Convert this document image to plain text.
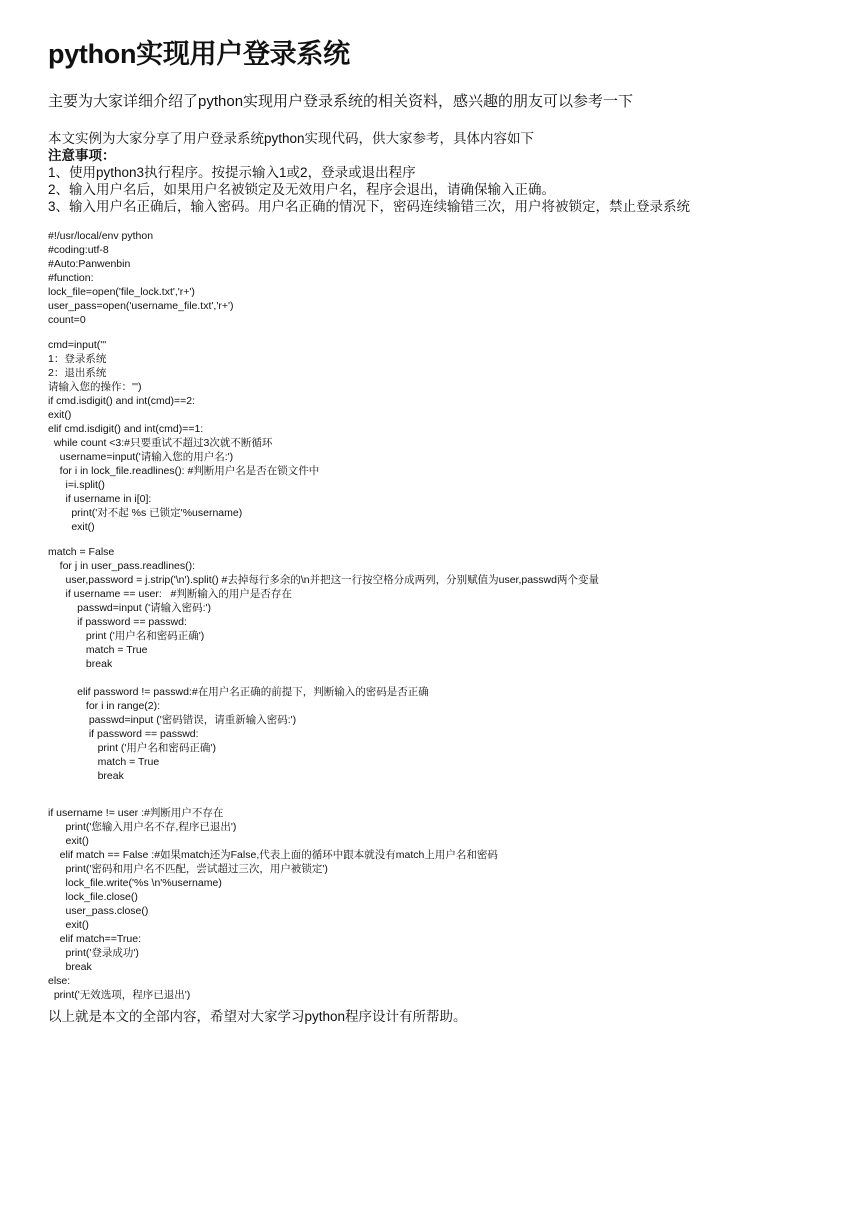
python实现用户登录系统
主要为大家详细介绍了python实现用户登录系统的相关资料，感兴趣的朋友可以参考一下
本文实例为大家分享了用户登录系统python实现代码，供大家参考，具体内容如下
注意事项：
1、使用python3执行程序。按提示输入1或2，登录或退出程序
2、输入用户名后，如果用户名被锁定及无效用户名，程序会退出，请确保输入正确。
3、输入用户名正确后，输入密码。用户名正确的情况下，密码连续输错三次，用户将被锁定，禁止登录系统
#!/usr/local/env python
#coding:utf-8
#Auto:Panwenbin
#function:
lock_file=open('file_lock.txt','r+')
user_pass=open('username_file.txt','r+')
count=0
cmd=input('''
1：登录系统
2：退出系统
请输入您的操作：''')
if cmd.isdigit() and int(cmd)==2:
exit()
elif cmd.isdigit() and int(cmd)==1:
while count <3:#只要重试不超过3次就不断循环
username=input('请输入您的用户名:')
for i in lock_file.readlines(): #判断用户名是否在锁文件中
i=i.split()
if username in i[0]:
print('对不起 %s 已锁定'%username)
exit()
match = False
for j in user_pass.readlines():
user,password = j.strip('\n').split() #去掉每行多余的\n并把这一行按空格分成两列，分别赋值为user,passwd两个变量
if username == user:   #判断输入的用户是否存在
passwd=input ('请输入密码:')
if password == passwd:
print ('用户名和密码正确')
match = True
break
elif password != passwd:#在用户名正确的前提下，判断输入的密码是否正确
for i in range(2):
passwd=input ('密码错误，请重新输入密码:')
if password == passwd:
print ('用户名和密码正确')
match = True
break
if username != user :#判断用户不存在
print('您输入用户名不存,程序已退出')
exit()
elif match == False :#如果match还为False,代表上面的循环中跟本就没有match上用户名和密码
print('密码和用户名不匹配，尝试超过三次，用户被锁定')
lock_file.write('%s \n'%username)
lock_file.close()
user_pass.close()
exit()
elif match==True:
print('登录成功')
break
else:
print('无效选项，程序已退出')
以上就是本文的全部内容，希望对大家学习python程序设计有所帮助。
